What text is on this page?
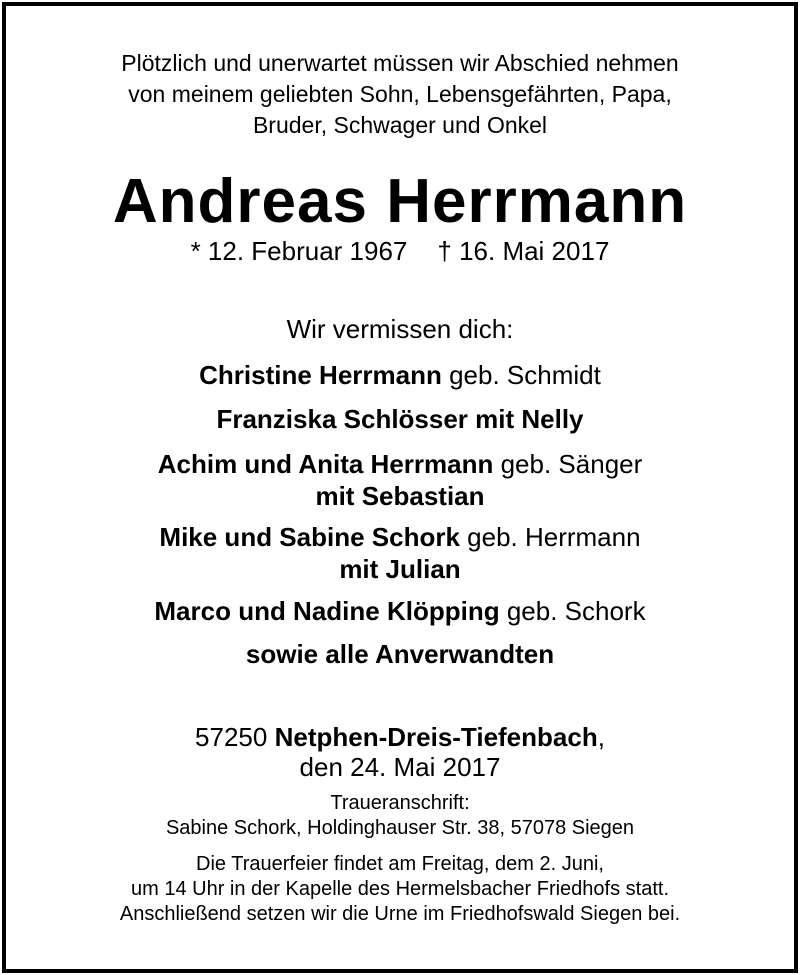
Plötzlich und unerwartet müssen wir Abschied nehmen
von meinem geliebten Sohn, Lebensgefährten, Papa,
Bruder, Schwager und Onkel
Andreas Herrmann
* 12. Februar 1967 † 16. Mai 2017
Wir vermissen dich:
Christine Herrmann geb. Schmidt
Franziska Schlösser mit Nelly
Achim und Anita Herrmann geb. Sänger
mit Sebastian
Mike und Sabine Schork geb. Herrmann
mit Julian
Marco und Nadine Klöpping geb. Schork
sowie alle Anverwandten
57250 Netphen-Dreis-Tiefenbach,
den 24. Mai 2017
Traueranschrift:
Sabine Schork, Holdinghauser Str. 38, 57078 Siegen
Die Trauerfeier findet am Freitag, dem 2. Juni,
um 14 Uhr in der Kapelle des Hermelsbacher Friedhofs statt.
Anschließend setzen wir die Urne im Friedhofswald Siegen bei.
